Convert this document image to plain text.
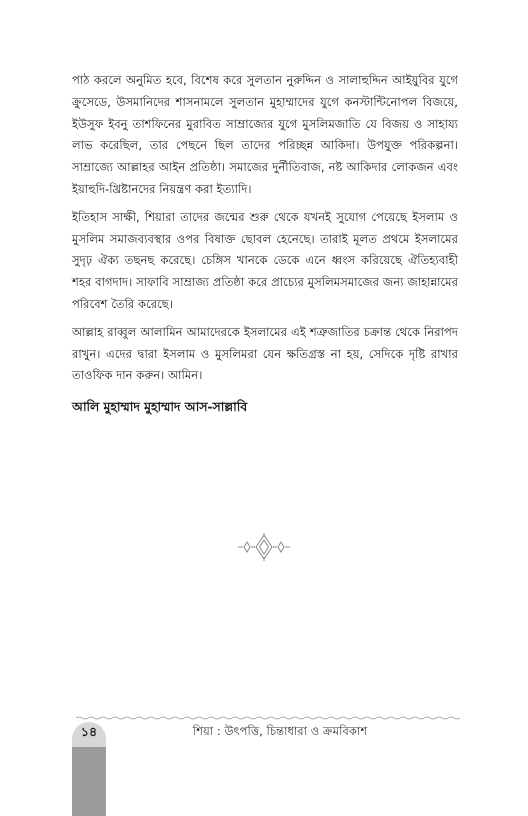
পাঠ করলে অনুমিত হবে, বিশেষ করে সুলতান নুরুদ্দিন ও সালাহুদ্দিন আইয়ুবির যুগে ক্রুসেডে, উসমানিদের শাসনামলে সুলতান মুহাম্মাদের যুগে কনস্টান্টিনোপল বিজয়ে, ইউসুফ ইবনু তাশফিনের মুরাবিত সাম্রাজ্যের যুগে মুসলিমজাতি যে বিজয় ও সাহায্য লাভ করেছিল, তার পেছনে ছিল তাদের পরিচ্ছন্ন আকিদা। উপযুক্ত পরিকল্পনা। সাম্রাজ্যে আল্লাহর আইন প্রতিষ্ঠা। সমাজের দুর্নীতিবাজ, নষ্ট আকিদার লোকজন এবং ইয়াহুদি-খ্রিষ্টানদের নিয়ন্ত্রণ করা ইত্যাদি।

ইতিহাস সাক্ষী, শিয়ারা তাদের জন্মের শুরু থেকে যখনই সুযোগ পেয়েছে ইসলাম ও মুসলিম সমাজব্যবস্থার ওপর বিষাক্ত ছোবল হেনেছে। তারাই মূলত প্রথমে ইসলামের সুদৃঢ় ঐক্য তছনছ করেছে। চেঙ্গিস খানকে ডেকে এনে ধ্বংস করিয়েছে ঐতিহ্যবাহী শহর বাগদাদ। সাফাবি সাম্রাজ্য প্রতিষ্ঠা করে প্রাচ্যের মুসলিমসমাজের জন্য জাহান্নামের পরিবেশ তৈরি করেছে।

আল্লাহ রাব্বুল আলামিন আমাদেরকে ইসলামের এই শত্রুজাতির চক্রান্ত থেকে নিরাপদ রাখুন। এদের দ্বারা ইসলাম ও মুসলিমরা যেন ক্ষতিগ্রস্ত না হয়, সেদিকে দৃষ্টি রাখার তাওফিক দান করুন। আমিন।

আলি মুহাম্মাদ মুহাম্মাদ আস-সাল্লাবি
১৪	শিয়া : উৎপত্তি, চিন্তাধারা ও ক্রমবিকাশ
